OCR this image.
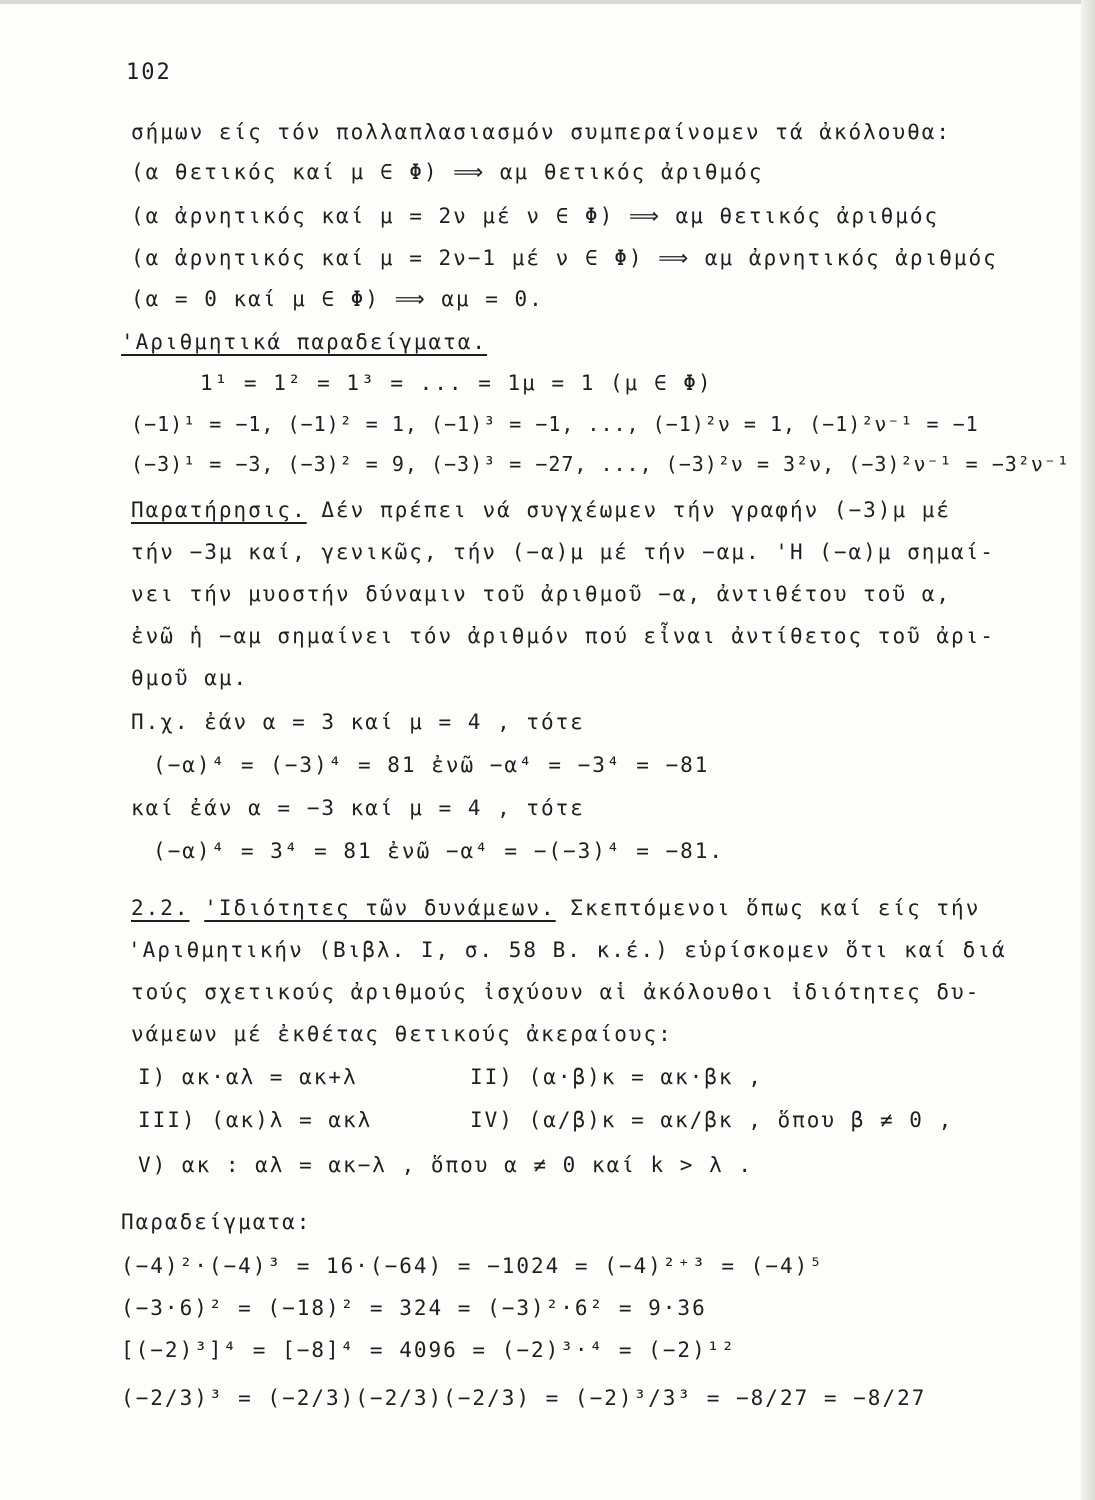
102
σήμων είς τόν πολλαπλασιασμόν συμπεραίνομεν τά ἀκόλουθα:
(α θετικός καί μ ∈ Φ) ⟹ αμ θετικός ἀριθμός
(α ἀρνητικός καί μ = 2ν μέ ν ∈ Φ) ⟹ αμ θετικός ἀριθμός
(α ἀρνητικός καί μ = 2ν−1 μέ ν ∈ Φ) ⟹ αμ ἀρνητικός ἀριθμός
(α = 0 καί μ ∈ Φ) ⟹ αμ = 0.
'Αριθμητικά παραδείγματα.
1¹ = 1² = 1³ = ... = 1μ = 1 (μ ∈ Φ)
(−1)¹ = −1, (−1)² = 1, (−1)³ = −1, ..., (−1)²ν = 1, (−1)²ν⁻¹ = −1
(−3)¹ = −3, (−3)² = 9, (−3)³ = −27, ..., (−3)²ν = 3²ν, (−3)²ν⁻¹ = −3²ν⁻¹
Παρατήρησις. Δέν πρέπει νά συγχέωμεν τήν γραφήν (−3)μ μέ
τήν −3μ καί, γενικῶς, τήν (−α)μ μέ τήν −αμ. 'Η (−α)μ σημαί-
νει τήν μυοστήν δύναμιν τοῦ ἀριθμοῦ −α, ἀντιθέτου τοῦ α,
ἐνῶ ἡ −αμ σημαίνει τόν ἀριθμόν πού εἶναι ἀντίθετος τοῦ ἀρι-
θμοῦ αμ.
Π.χ. ἐάν α = 3 καί μ = 4 , τότε
(−α)⁴ = (−3)⁴ = 81 ἐνῶ −α⁴ = −3⁴ = −81
καί ἐάν α = −3 καί μ = 4 , τότε
(−α)⁴ = 3⁴ = 81 ἐνῶ −α⁴ = −(−3)⁴ = −81.
2.2. 'Ιδιότητες τῶν δυνάμεων. Σκεπτόμενοι ὅπως καί είς τήν
'Αριθμητικήν (Βιβλ. Ι, σ. 58 Β. κ.έ.) εὑρίσκομεν ὅτι καί διά
τούς σχετικούς ἀριθμούς ἰσχύουν αἱ ἀκόλουθοι ἰδιότητες δυ-
νάμεων μέ ἐκθέτας θετικούς ἀκεραίους:
I) ακ·αλ = ακ+λ	II) (α·β)κ = ακ·βκ ,
III) (ακ)λ = ακλ	IV) (α/β)κ = ακ/βκ , ὅπου β ≠ 0 ,
V) ακ : αλ = ακ−λ , ὅπου α ≠ 0 καί k > λ .
Παραδείγματα:
(−4)²·(−4)³ = 16·(−64) = −1024 = (−4)²⁺³ = (−4)⁵
(−3·6)² = (−18)² = 324 = (−3)²·6² = 9·36
[(−2)³]⁴ = [−8]⁴ = 4096 = (−2)³·⁴ = (−2)¹²
(−2/3)³ = (−2/3)(−2/3)(−2/3) = (−2)³/3³ = −8/27 = −8/27
